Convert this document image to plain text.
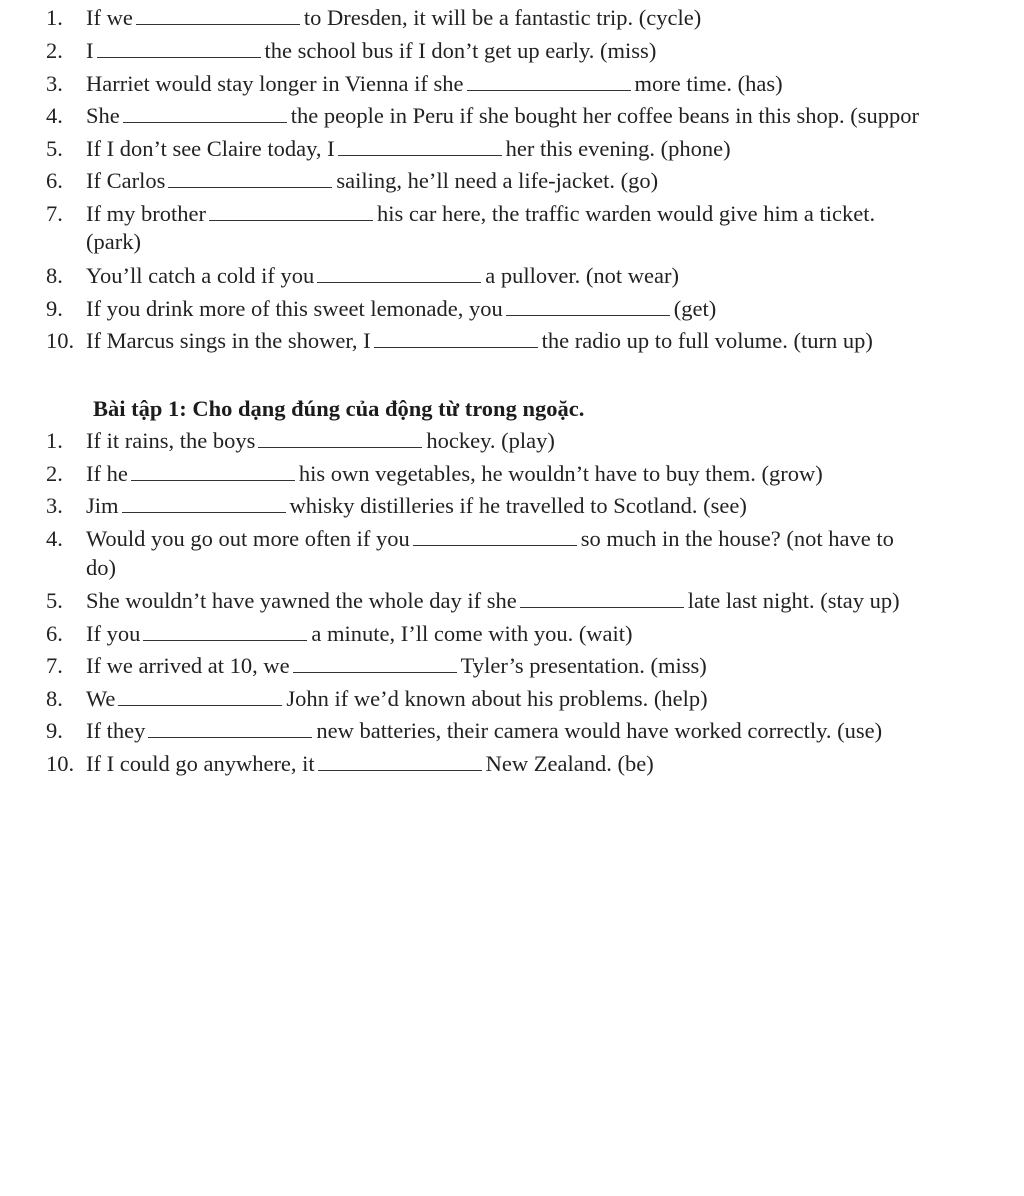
1.	If we	to Dresden, it will be a fantastic trip. (cycle)
2.	I	the school bus if I don’t get up early. (miss)
3.	Harriet would stay longer in Vienna if she	more time. (has)
4.	She	the people in Peru if she bought her coffee beans in this shop. (suppor
5.	If I don’t see Claire today, I	her this evening. (phone)
6.	If Carlos	sailing, he’ll need a life-jacket. (go)
7.	If my brother	his car here, the traffic warden would give him a ticket.
(park)
8.	You’ll catch a cold if you	a pullover. (not wear)
9.	If you drink more of this sweet lemonade, you	(get)
10. If Marcus sings in the shower, I	the radio up to full volume. (turn up)
Bài tập 1: Cho dạng đúng của động từ trong ngoặc.
1.	If it rains, the boys	hockey. (play)
2.	If he	his own vegetables, he wouldn’t have to buy them. (grow)
3.	Jim	whisky distilleries if he travelled to Scotland. (see)
4.	Would you go out more often if you	so much in the house? (not have to
do)
5.	She wouldn’t have yawned the whole day if she	late last night. (stay up)
6.	If you	a minute, I’ll come with you. (wait)
7.	If we arrived at 10, we	Tyler’s presentation. (miss)
8.	We	John if we’d known about his problems. (help)
9.	If they	new batteries, their camera would have worked correctly. (use)
10. If I could go anywhere, it	New Zealand. (be)
